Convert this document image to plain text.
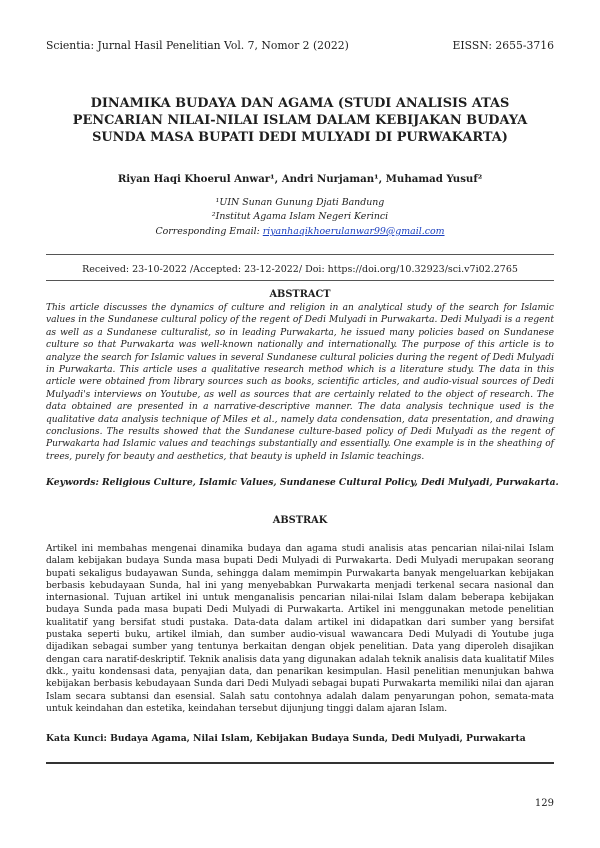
Scientia: Jurnal Hasil Penelitian Vol. 7, Nomor 2 (2022)	EISSN: 2655-3716
DINAMIKA BUDAYA DAN AGAMA (STUDI ANALISIS ATAS
PENCARIAN NILAI-NILAI ISLAM DALAM KEBIJAKAN BUDAYA
SUNDA MASA BUPATI DEDI MULYADI DI PURWAKARTA)
Riyan Haqi Khoerul Anwar¹, Andri Nurjaman¹, Muhamad Yusuf²
¹UIN Sunan Gunung Djati Bandung
²Institut Agama Islam Negeri Kerinci
Corresponding Email: riyanhaqikhoerulanwar99@gmail.com
Received: 23-10-2022 /Accepted: 23-12-2022/ Doi: https://doi.org/10.32923/sci.v7i02.2765
ABSTRACT
This article discusses the dynamics of culture and religion in an analytical study of the search for Islamic values in the Sundanese cultural policy of the regent of Dedi Mulyadi in Purwakarta. Dedi Mulyadi is a regent as well as a Sundanese culturalist, so in leading Purwakarta, he issued many policies based on Sundanese culture so that Purwakarta was well-known nationally and internationally. The purpose of this article is to analyze the search for Islamic values in several Sundanese cultural policies during the regent of Dedi Mulyadi in Purwakarta. This article uses a qualitative research method which is a literature study. The data in this article were obtained from library sources such as books, scientific articles, and audio-visual sources of Dedi Mulyadi's interviews on Youtube, as well as sources that are certainly related to the object of research. The data obtained are presented in a narrative-descriptive manner. The data analysis technique used is the qualitative data analysis technique of Miles et al., namely data condensation, data presentation, and drawing conclusions. The results showed that the Sundanese culture-based policy of Dedi Mulyadi as the regent of Purwakarta had Islamic values and teachings substantially and essentially. One example is in the sheathing of trees, purely for beauty and aesthetics, that beauty is upheld in Islamic teachings.
Keywords: Religious Culture, Islamic Values, Sundanese Cultural Policy, Dedi Mulyadi, Purwakarta.
ABSTRAK
Artikel ini membahas mengenai dinamika budaya dan agama studi analisis atas pencarian nilai-nilai Islam dalam kebijakan budaya Sunda masa bupati Dedi Mulyadi di Purwakarta. Dedi Mulyadi merupakan seorang bupati sekaligus budayawan Sunda, sehingga dalam memimpin Purwakarta banyak mengeluarkan kebijakan berbasis kebudayaan Sunda, hal ini yang menyebabkan Purwakarta menjadi terkenal secara nasional dan internasional. Tujuan artikel ini untuk menganalisis pencarian nilai-nilai Islam dalam beberapa kebijakan budaya Sunda pada masa bupati Dedi Mulyadi di Purwakarta. Artikel ini menggunakan metode penelitian kualitatif yang bersifat studi pustaka. Data-data dalam artikel ini didapatkan dari sumber yang bersifat pustaka seperti buku, artikel ilmiah, dan sumber audio-visual wawancara Dedi Mulyadi di Youtube juga dijadikan sebagai sumber yang tentunya berkaitan dengan objek penelitian. Data yang diperoleh disajikan dengan cara naratif-deskriptif. Teknik analisis data yang digunakan adalah teknik analisis data kualitatif Miles dkk., yaitu kondensasi data, penyajian data, dan penarikan kesimpulan. Hasil penelitian menunjukan bahwa kebijakan berbasis kebudayaan Sunda dari Dedi Mulyadi sebagai bupati Purwakarta memiliki nilai dan ajaran Islam secara subtansi dan esensial. Salah satu contohnya adalah dalam penyarungan pohon, semata-mata untuk keindahan dan estetika, keindahan tersebut dijunjung tinggi dalam ajaran Islam.
Kata Kunci: Budaya Agama, Nilai Islam, Kebijakan Budaya Sunda, Dedi Mulyadi, Purwakarta
129
